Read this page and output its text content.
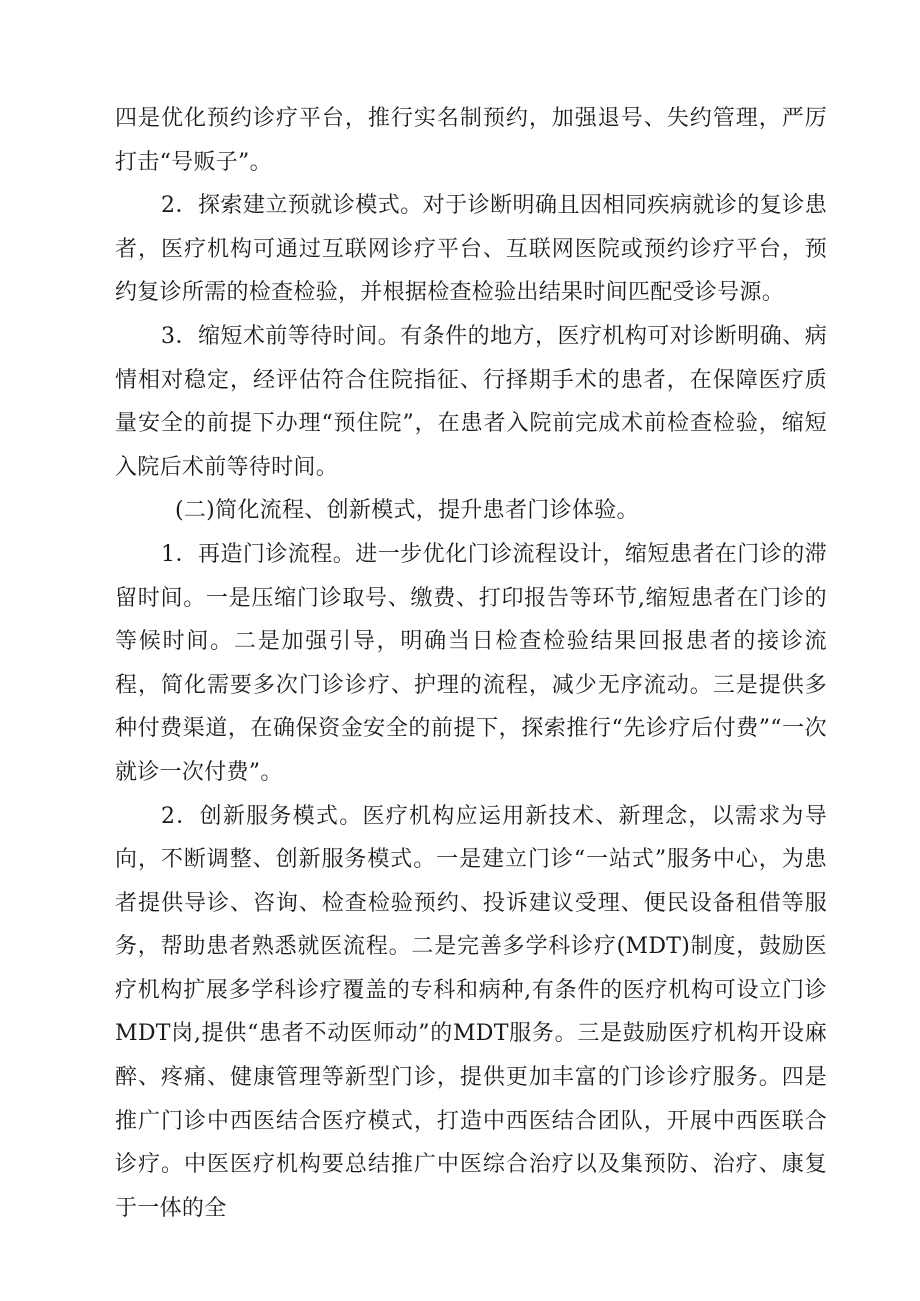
四是优化预约诊疗平台，推行实名制预约，加强退号、失约管理，严厉打击“号贩子”。

2．探索建立预就诊模式。对于诊断明确且因相同疾病就诊的复诊患者，医疗机构可通过互联网诊疗平台、互联网医院或预约诊疗平台，预约复诊所需的检查检验，并根据检查检验出结果时间匹配受诊号源。

3．缩短术前等待时间。有条件的地方，医疗机构可对诊断明确、病情相对稳定，经评估符合住院指征、行择期手术的患者，在保障医疗质量安全的前提下办理“预住院”，在患者入院前完成术前检查检验，缩短入院后术前等待时间。

(二)简化流程、创新模式，提升患者门诊体验。

1．再造门诊流程。进一步优化门诊流程设计，缩短患者在门诊的滞留时间。一是压缩门诊取号、缴费、打印报告等环节,缩短患者在门诊的等候时间。二是加强引导，明确当日检查检验结果回报患者的接诊流程，简化需要多次门诊诊疗、护理的流程，减少无序流动。三是提供多种付费渠道，在确保资金安全的前提下，探索推行“先诊疗后付费”“一次就诊一次付费”。

2．创新服务模式。医疗机构应运用新技术、新理念，以需求为导向，不断调整、创新服务模式。一是建立门诊“一站式”服务中心，为患者提供导诊、咨询、检查检验预约、投诉建议受理、便民设备租借等服务，帮助患者熟悉就医流程。二是完善多学科诊疗(MDT)制度，鼓励医疗机构扩展多学科诊疗覆盖的专科和病种,有条件的医疗机构可设立门诊MDT岗,提供“患者不动医师动”的MDT服务。三是鼓励医疗机构开设麻醉、疼痛、健康管理等新型门诊，提供更加丰富的门诊诊疗服务。四是推广门诊中西医结合医疗模式，打造中西医结合团队，开展中西医联合诊疗。中医医疗机构要总结推广中医综合治疗以及集预防、治疗、康复于一体的全
